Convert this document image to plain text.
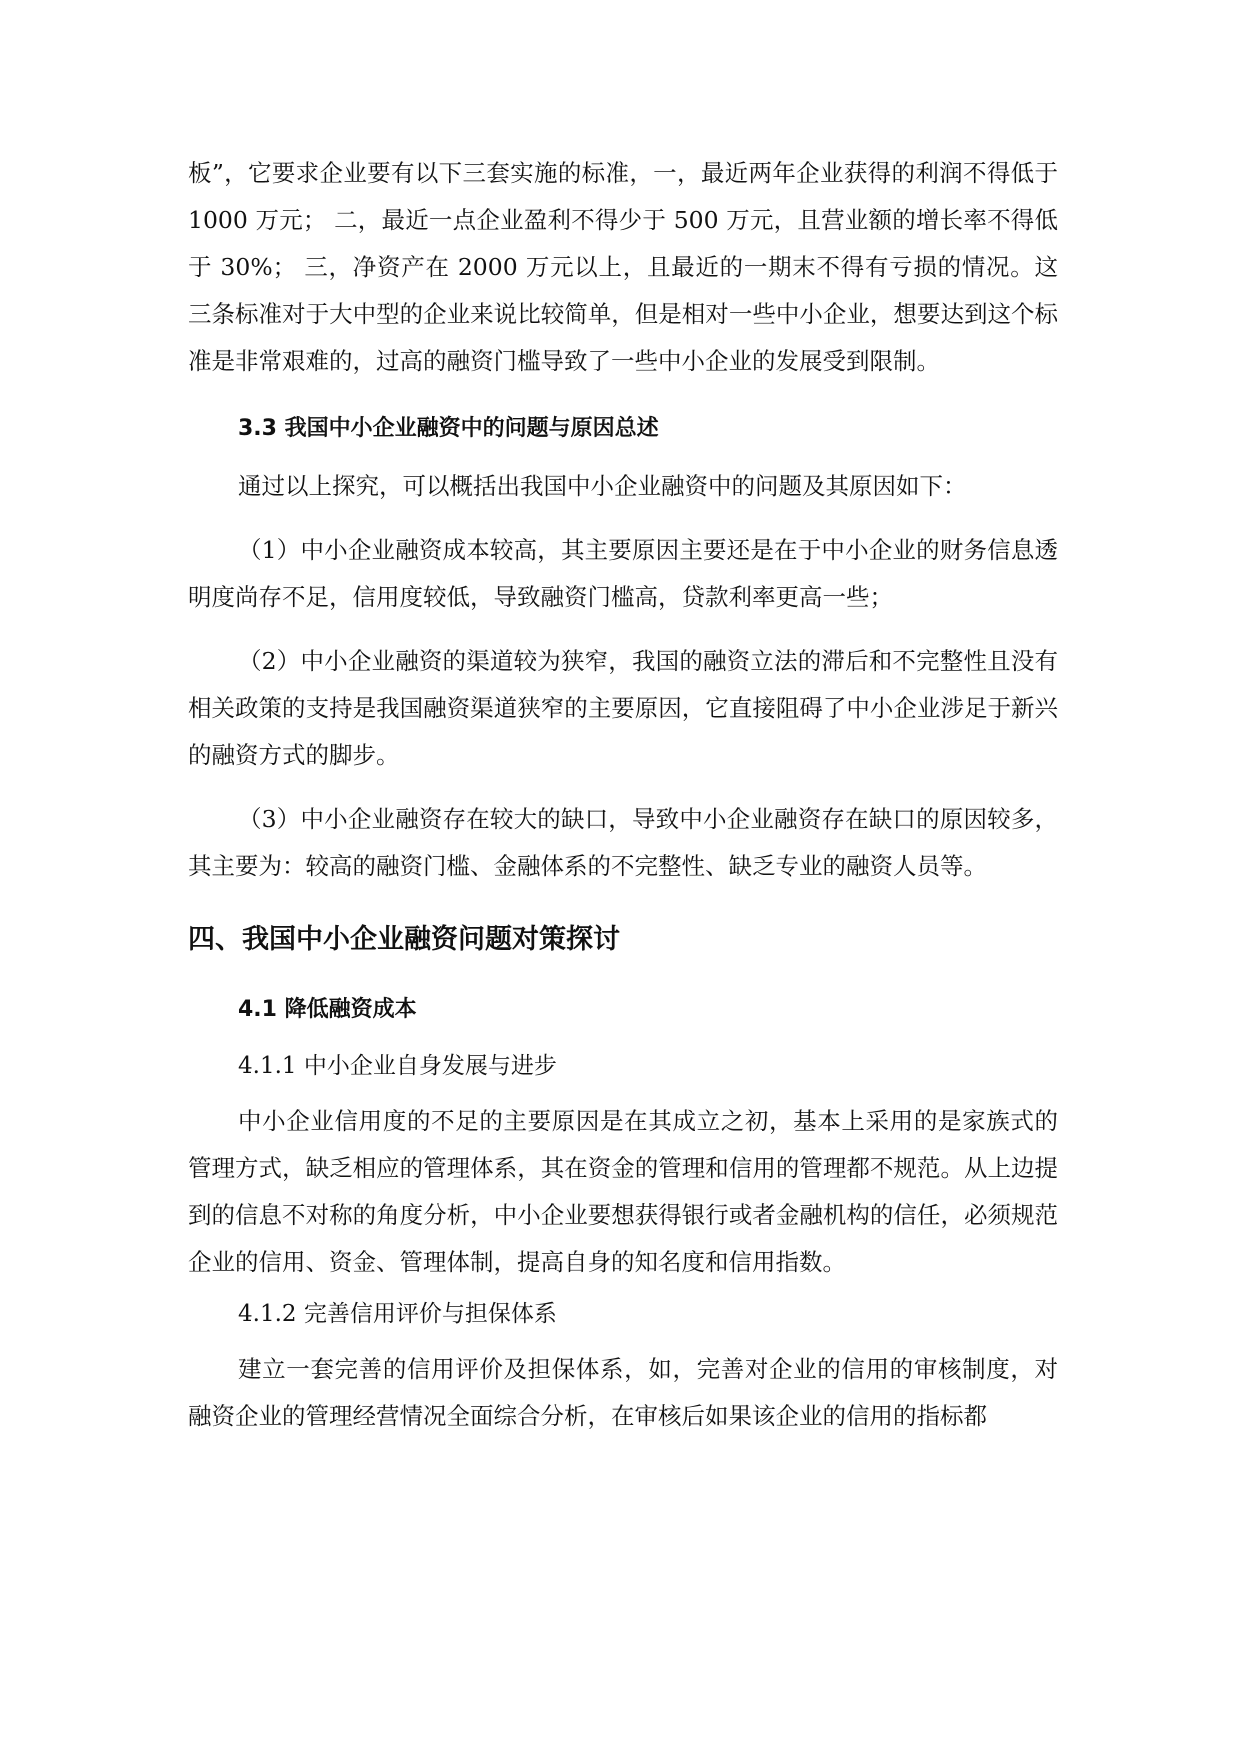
板”，它要求企业要有以下三套实施的标准，一，最近两年企业获得的利润不得低于 1000 万元； 二，最近一点企业盈利不得少于 500 万元，且营业额的增长率不得低于 30%； 三，净资产在 2000 万元以上，且最近的一期末不得有亏损的情况。这三条标准对于大中型的企业来说比较简单，但是相对一些中小企业，想要达到这个标准是非常艰难的，过高的融资门槛导致了一些中小企业的发展受到限制。

3.3 我国中小企业融资中的问题与原因总述

通过以上探究，可以概括出我国中小企业融资中的问题及其原因如下：

（1）中小企业融资成本较高，其主要原因主要还是在于中小企业的财务信息透明度尚存不足，信用度较低，导致融资门槛高，贷款利率更高一些；

（2）中小企业融资的渠道较为狭窄，我国的融资立法的滞后和不完整性且没有相关政策的支持是我国融资渠道狭窄的主要原因，它直接阻碍了中小企业涉足于新兴的融资方式的脚步。

（3）中小企业融资存在较大的缺口，导致中小企业融资存在缺口的原因较多，其主要为：较高的融资门槛、金融体系的不完整性、缺乏专业的融资人员等。

四、我国中小企业融资问题对策探讨
4.1 降低融资成本
4.1.1 中小企业自身发展与进步

中小企业信用度的不足的主要原因是在其成立之初，基本上采用的是家族式的管理方式，缺乏相应的管理体系，其在资金的管理和信用的管理都不规范。从上边提到的信息不对称的角度分析，中小企业要想获得银行或者金融机构的信任，必须规范企业的信用、资金、管理体制，提高自身的知名度和信用指数。

4.1.2 完善信用评价与担保体系

建立一套完善的信用评价及担保体系，如，完善对企业的信用的审核制度，对融资企业的管理经营情况全面综合分析，在审核后如果该企业的信用的指标都
